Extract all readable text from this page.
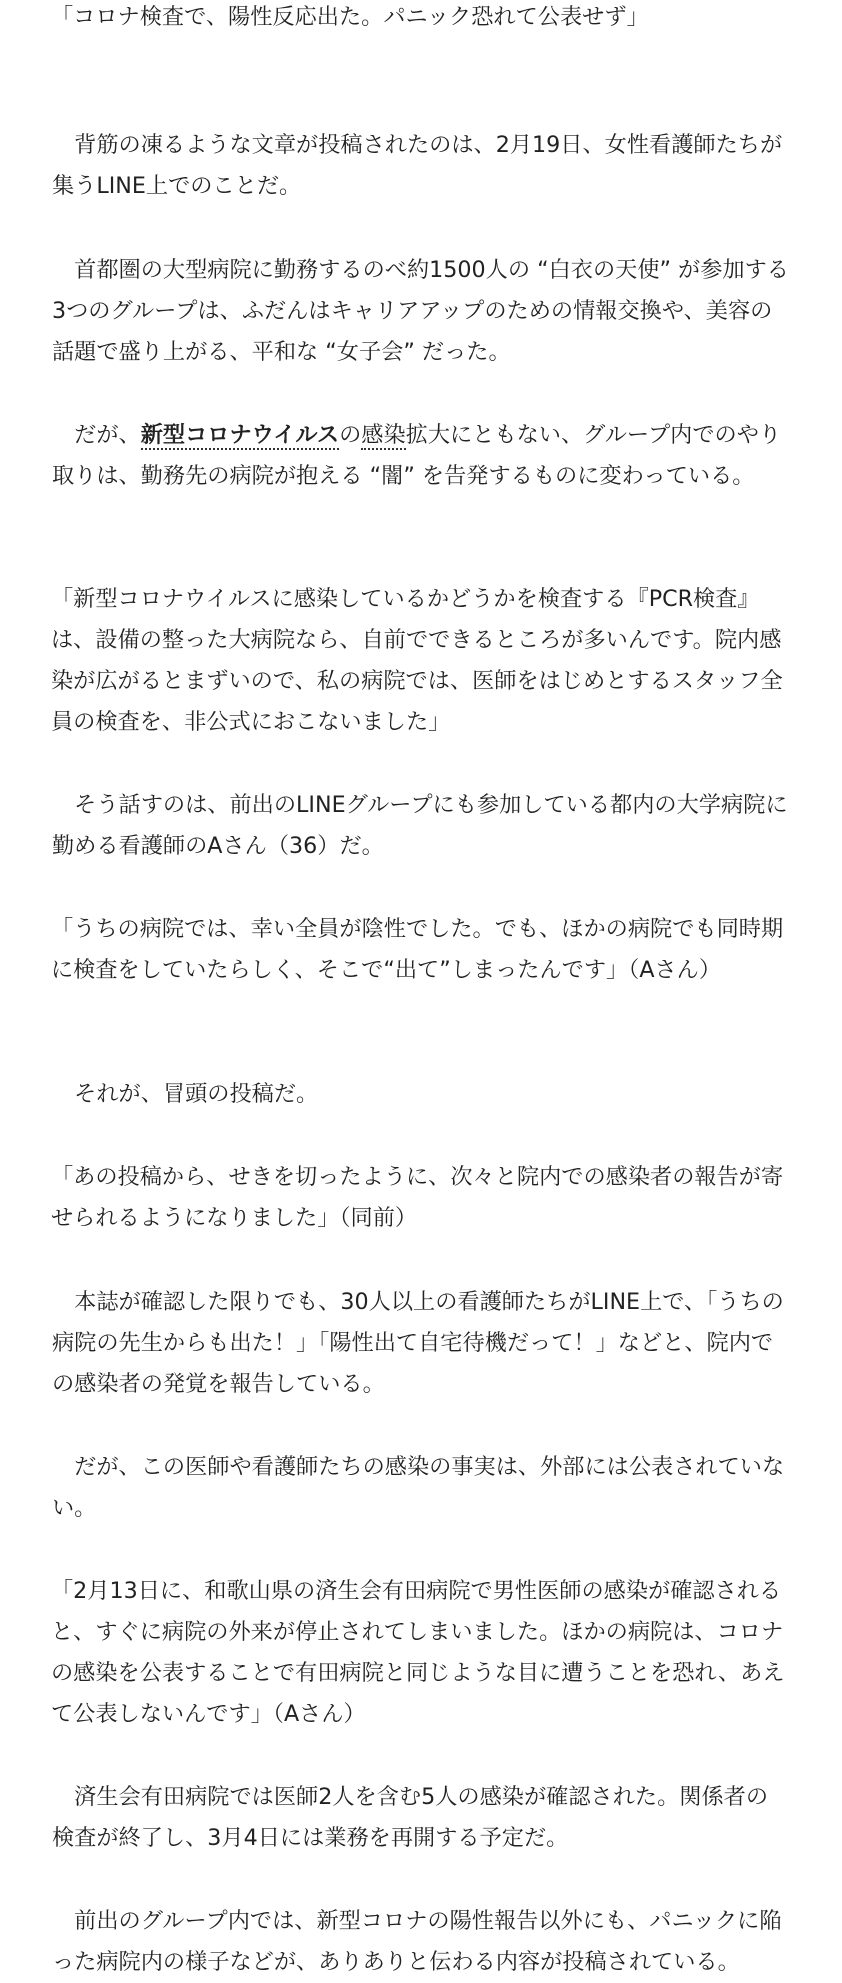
「コロナ検査で、陽性反応出た。パニック恐れて公表せず」

　背筋の凍るような文章が投稿されたのは、2月19日、女性看護師たちが集うLINE上でのことだ。

　首都圏の大型病院に勤務するのべ約1500人の “白衣の天使” が参加する3つのグループは、ふだんはキャリアアップのための情報交換や、美容の話題で盛り上がる、平和な “女子会” だった。

　だが、新型コロナウイルスの感染拡大にともない、グループ内でのやり取りは、勤務先の病院が抱える “闇” を告発するものに変わっている。

「新型コロナウイルスに感染しているかどうかを検査する『PCR検査』は、設備の整った大病院なら、自前でできるところが多いんです。院内感染が広がるとまずいので、私の病院では、医師をはじめとするスタッフ全員の検査を、非公式におこないました」

　そう話すのは、前出のLINEグループにも参加している都内の大学病院に勤める看護師のAさん（36）だ。

「うちの病院では、幸い全員が陰性でした。でも、ほかの病院でも同時期に検査をしていたらしく、そこで“出て”しまったんです」（Aさん）

　それが、冒頭の投稿だ。

「あの投稿から、せきを切ったように、次々と院内での感染者の報告が寄せられるようになりました」（同前）

　本誌が確認した限りでも、30人以上の看護師たちがLINE上で、「うちの病院の先生からも出た！」「陽性出て自宅待機だって！」などと、院内での感染者の発覚を報告している。

　だが、この医師や看護師たちの感染の事実は、外部には公表されていない。

「2月13日に、和歌山県の済生会有田病院で男性医師の感染が確認されると、すぐに病院の外来が停止されてしまいました。ほかの病院は、コロナの感染を公表することで有田病院と同じような目に遭うことを恐れ、あえて公表しないんです」（Aさん）

　済生会有田病院では医師2人を含む5人の感染が確認された。関係者の検査が終了し、3月4日には業務を再開する予定だ。

　前出のグループ内では、新型コロナの陽性報告以外にも、パニックに陥った病院内の様子などが、ありありと伝わる内容が投稿されている。
